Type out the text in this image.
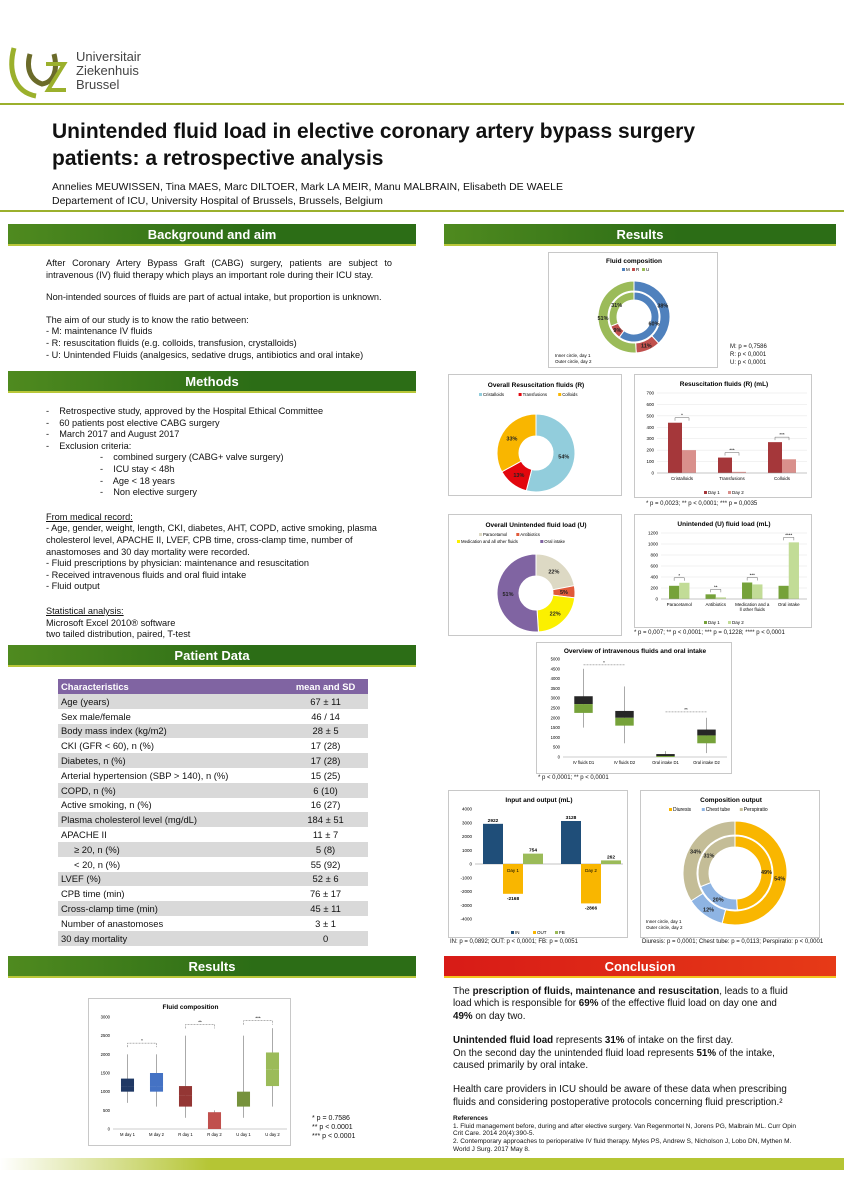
Universitair
Ziekenhuis
Brussel
Unintended fluid load in elective coronary artery bypass surgery
patients: a retrospective analysis
Annelies MEUWISSEN, Tina MAES, Marc DILTOER, Mark LA MEIR, Manu MALBRAIN, Elisabeth DE WAELE
Departement of ICU, University Hospital of Brussels, Brussels, Belgium
Background and aim

After Coronary Artery Bypass Graft (CABG) surgery, patients are subject to intravenous (IV) fluid therapy which plays an important role during their ICU stay.

Non-intended sources of fluids are part of actual intake, but proportion is unknown.

The aim of our study is to know the ratio between:
- M: maintenance IV fluids
- R: resuscitation fluids (e.g. colloids, transfusion, crystalloids)
- U: Unintended Fluids (analgesics, sedative drugs, antibiotics and oral intake)
Methods
-    Retrospective study, approved by the Hospital Ethical Committee
-    60 patients post elective CABG surgery
-    March 2017 and August 2017
-    Exclusion criteria:
-    combined surgery (CABG+ valve surgery)
-    ICU stay < 48h
-    Age < 18 years
-    Non elective surgery
From medical record:
- Age, gender, weight, length, CKI, diabetes, AHT, COPD, active smoking, plasma cholesterol level, APACHE II, LVEF, CPB time, cross-clamp time, number of anastomoses and 30 day mortality were recorded.
- Fluid prescriptions by physician: maintenance and resuscitation
- Received intravenous fluids and oral fluid intake
- Fluid output
Statistical analysis:
Microsoft Excel 2010® software
two tailed distribution, paired, T-test
Patient Data
Characteristics	mean and SD
Age (years)	67 ± 11
Sex male/female	46 / 14
Body mass index (kg/m2)	28 ± 5
CKI (GFR < 60), n (%)	17 (28)
Diabetes, n (%)	17 (28)
Arterial hypertension (SBP > 140), n (%)	15 (25)
COPD, n (%)	6 (10)
Active smoking, n (%)	16 (27)
Plasma cholesterol level (mg/dL)	184 ± 51
APACHE II	11 ± 7
≥ 20, n (%)	5 (8)
< 20, n (%)	55 (92)
LVEF (%)	52 ± 6
CPB time (min)	76 ± 17
Cross-clamp time (min)	45 ± 11
Number of anastomoses	3 ± 1
30 day mortality	0
Results
Fluid composition
0
500
1000
1500
2000
2500
3000
M day 1	M day 2	R day 1	R day 2	U day 1	U day 2
*
**
***
* p = 0.7586
** p < 0.0001
*** p < 0.0001
Results
Fluid composition
M R U
38%
11%
51%
60%
9%
31%
Inner circle, day 1
Outer circle, day 2
M: p = 0,7586
R: p < 0,0001
U: p < 0,0001
Overall Resuscitation fluids (R)
Cristalloids	Transfusions	Colloids
54%
13%
33%
Resuscitation fluids (R) (mL)
0
100
200
300
400
500
600
700
Cristalloids
*
Transfusions
***
Colloids
***
Day 1	Day 2
* p = 0,0023; ** p < 0,0001; *** p = 0,0035
Overall Unintended fluid load (U)
Paracetamol	Antibiotics
Medication and all other fluids	Oral intake
22%
5%
22%
51%
Unintended (U) fluid load (mL)
0
200
400
600
800
1000
1200
Paracetamol
*
Antibiotics
**
Medication and a
ll other fluids
***
Oral intake
****
Day 1	Day 2
* p = 0,007; ** p < 0,0001; *** p = 0,1228; **** p < 0,0001
Overview of intravenous fluids and oral intake
0
500
1000
1500
2000
2500
3000
3500
4000
4500
5000
IV fluids D1	IV fluids D2	Oral intake D1	Oral intake D2
*
**
* p < 0,0001; ** p < 0,0001
Input and output (mL)
-4000
-3000
-2000
-1000
0
1000
2000
3000
4000
2922
-2168
754
Day 1
3128
-2866
262
Day 2
IN	OUT	FB
IN: p = 0,0892; OUT: p < 0,0001; FB: p = 0,0051
Composition output
Diuresis	Chest tube	Perspiratio
54%
12%
34%
49%
20%
31%
Inner circle, day 1
Outer circle, day 2
Diuresis: p = 0,0001; Chest tube: p = 0,0113; Perspiratio: p < 0,0001
Conclusion

The prescription of fluids, maintenance and resuscitation, leads to a fluid load which is responsible for 69% of the effective fluid load on day one and 49% on day two.

Unintended fluid load represents 31% of intake on the first day.

On the second day the unintended fluid load represents 51% of the intake, caused primarily by oral intake.

Health care providers in ICU should be aware of these data when prescribing fluids and considering postoperative protocols concerning fluid prescription.²

References
1. Fluid management before, during and after elective surgery. Van Regenmortel N, Jorens PG, Malbrain ML. Curr Opin Crit Care. 2014 20(4):390-5.
2. Contemporary approaches to perioperative IV fluid therapy. Myles PS, Andrew S, Nicholson J, Lobo DN, Mythen M. World J Surg. 2017 May 8.
